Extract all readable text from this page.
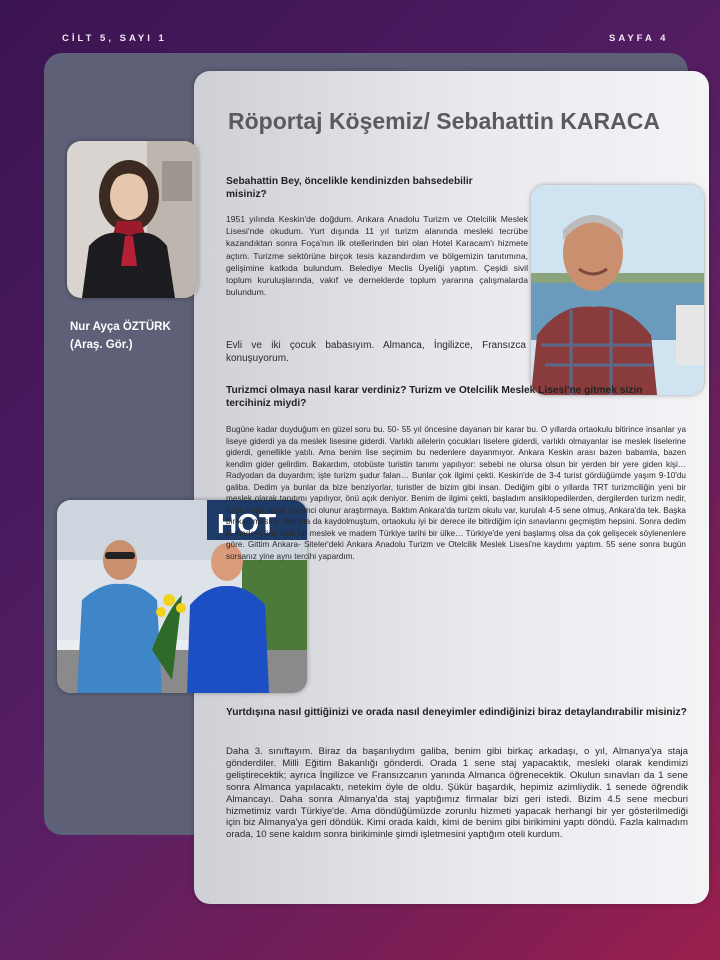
CİLT 5, SAYI 1	SAYFA 4
Röportaj Köşemiz/ Sebahattin KARACA
Nur Ayça ÖZTÜRK
(Araş. Gör.)
HOT
Sebahattin Bey, öncelikle kendinizden bahsedebilir misiniz?
1951 yılında Keskin'de doğdum. Ankara Anadolu Turizm ve Otelcilik Meslek Lisesi'nde okudum. Yurt dışında 11 yıl turizm alanında mesleki tecrübe kazandıktan sonra Foça'nın ilk otellerinden biri olan Hotel Karacam'ı hizmete açtım. Turizme sektörüne birçok tesis kazandırdım ve bölgemizin tanıtımına, gelişimine katkıda bulundum. Belediye Meclis Üyeliği yaptım. Çeşidi sivil toplum kuruluşlarında, vakıf ve derneklerde toplum yararına çalışmalarda bulundum.
Evli ve iki çocuk babasıyım. Almanca, İngilizce, Fransızca konuşuyorum.
Turizmci olmaya nasıl karar verdiniz? Turizm ve Otelcilik Meslek Lisesi'ne gitmek sizin tercihiniz miydi?
Bugüne kadar duyduğum en güzel soru bu. 50- 55 yıl öncesine dayanan bir karar bu. O yıllarda ortaokulu bitirince insanlar ya liseye giderdi ya da meslek lisesine giderdi. Varlıklı ailelerin çocukları liselere giderdi, varlıklı olmayanlar ise meslek liselerine giderdi, genellikle yatılı. Ama benim lise seçimim bu nedenlere dayanmıyor. Ankara Keskin arası bazen babamla, bazen kendim gider gelirdim. Bakardım, otobüste turistin tanımı yapılıyor: sebebi ne olursa olsun bir yerden bir yere giden kişi… Radyodan da duyardım; işte turizm şudur falan… Bunlar çok ilgimi çekti. Keskin'de de 3-4 turist gördüğümde yaşım 9-10'du galiba. Dedim ya bunlar da bize benziyorlar, turistler de bizim gibi insan. Dediğim gibi o yıllarda TRT turizmciliğin yeni bir meslek olarak tanıtımı yapılıyor, önü açık deniyor. Benim de ilgimi çekti, başladım ansiklopedilerden, dergilerden turizm nedir, turist nedir, nasıl turizmci olunur araştırmaya. Baktım Ankara'da turizm okulu var, kurulalı 4-5 sene olmuş, Ankara'da tek. Başka bir kaç meslek okuluna da kaydolmuştum, ortaokulu iyi bir derece ile bitirdiğim için sınavlarını geçmiştim hepsini. Sonra dedim ki madem önü açık bir meslek ve madem Türkiye tarihi bir ülke… Türkiye'de yeni başlamış olsa da çok gelişecek söylenenlere göre. Gittim Ankara- Siteler'deki Ankara Anadolu Turizm ve Otelcilik Meslek Lisesi'ne kaydımı yaptım. 55 sene sonra bugün sorsanız yine aynı tercihi yapardım.
Yurtdışına nasıl gittiğinizi ve orada nasıl deneyimler edindiğinizi biraz detaylandırabilir misiniz?
Daha 3. sınıftayım. Biraz da başarılıydım galiba, benim gibi birkaç arkadaşı, o yıl, Almanya'ya staja gönderdiler. Milli Eğitim Bakanlığı gönderdi. Orada 1 sene staj yapacaktık, mesleki olarak kendimizi geliştirecektik; ayrıca İngilizce ve Fransızcanın yanında Almanca öğrenecektik. Okulun sınavları da 1 sene sonra Almanca yapılacaktı, netekim öyle de oldu. Şükür başardık, hepimiz azimliydik. 1 senede öğrendik Almancayı. Daha sonra Almanya'da staj yaptığımız firmalar bizi geri istedi. Bizim 4.5 sene mecburi hizmetimiz vardı Türkiye'de. Ama döndüğümüzde zorunlu hizmeti yapacak herhangi bir yer gösterilmediği için biz Almanya'ya geri döndük. Kimi orada kaldı, kimi de benim gibi birikimini yaptı döndü. Fazla kalmadım orada, 10 sene kaldım sonra birikiminle şimdi işletmesini yaptığım oteli kurdum.
